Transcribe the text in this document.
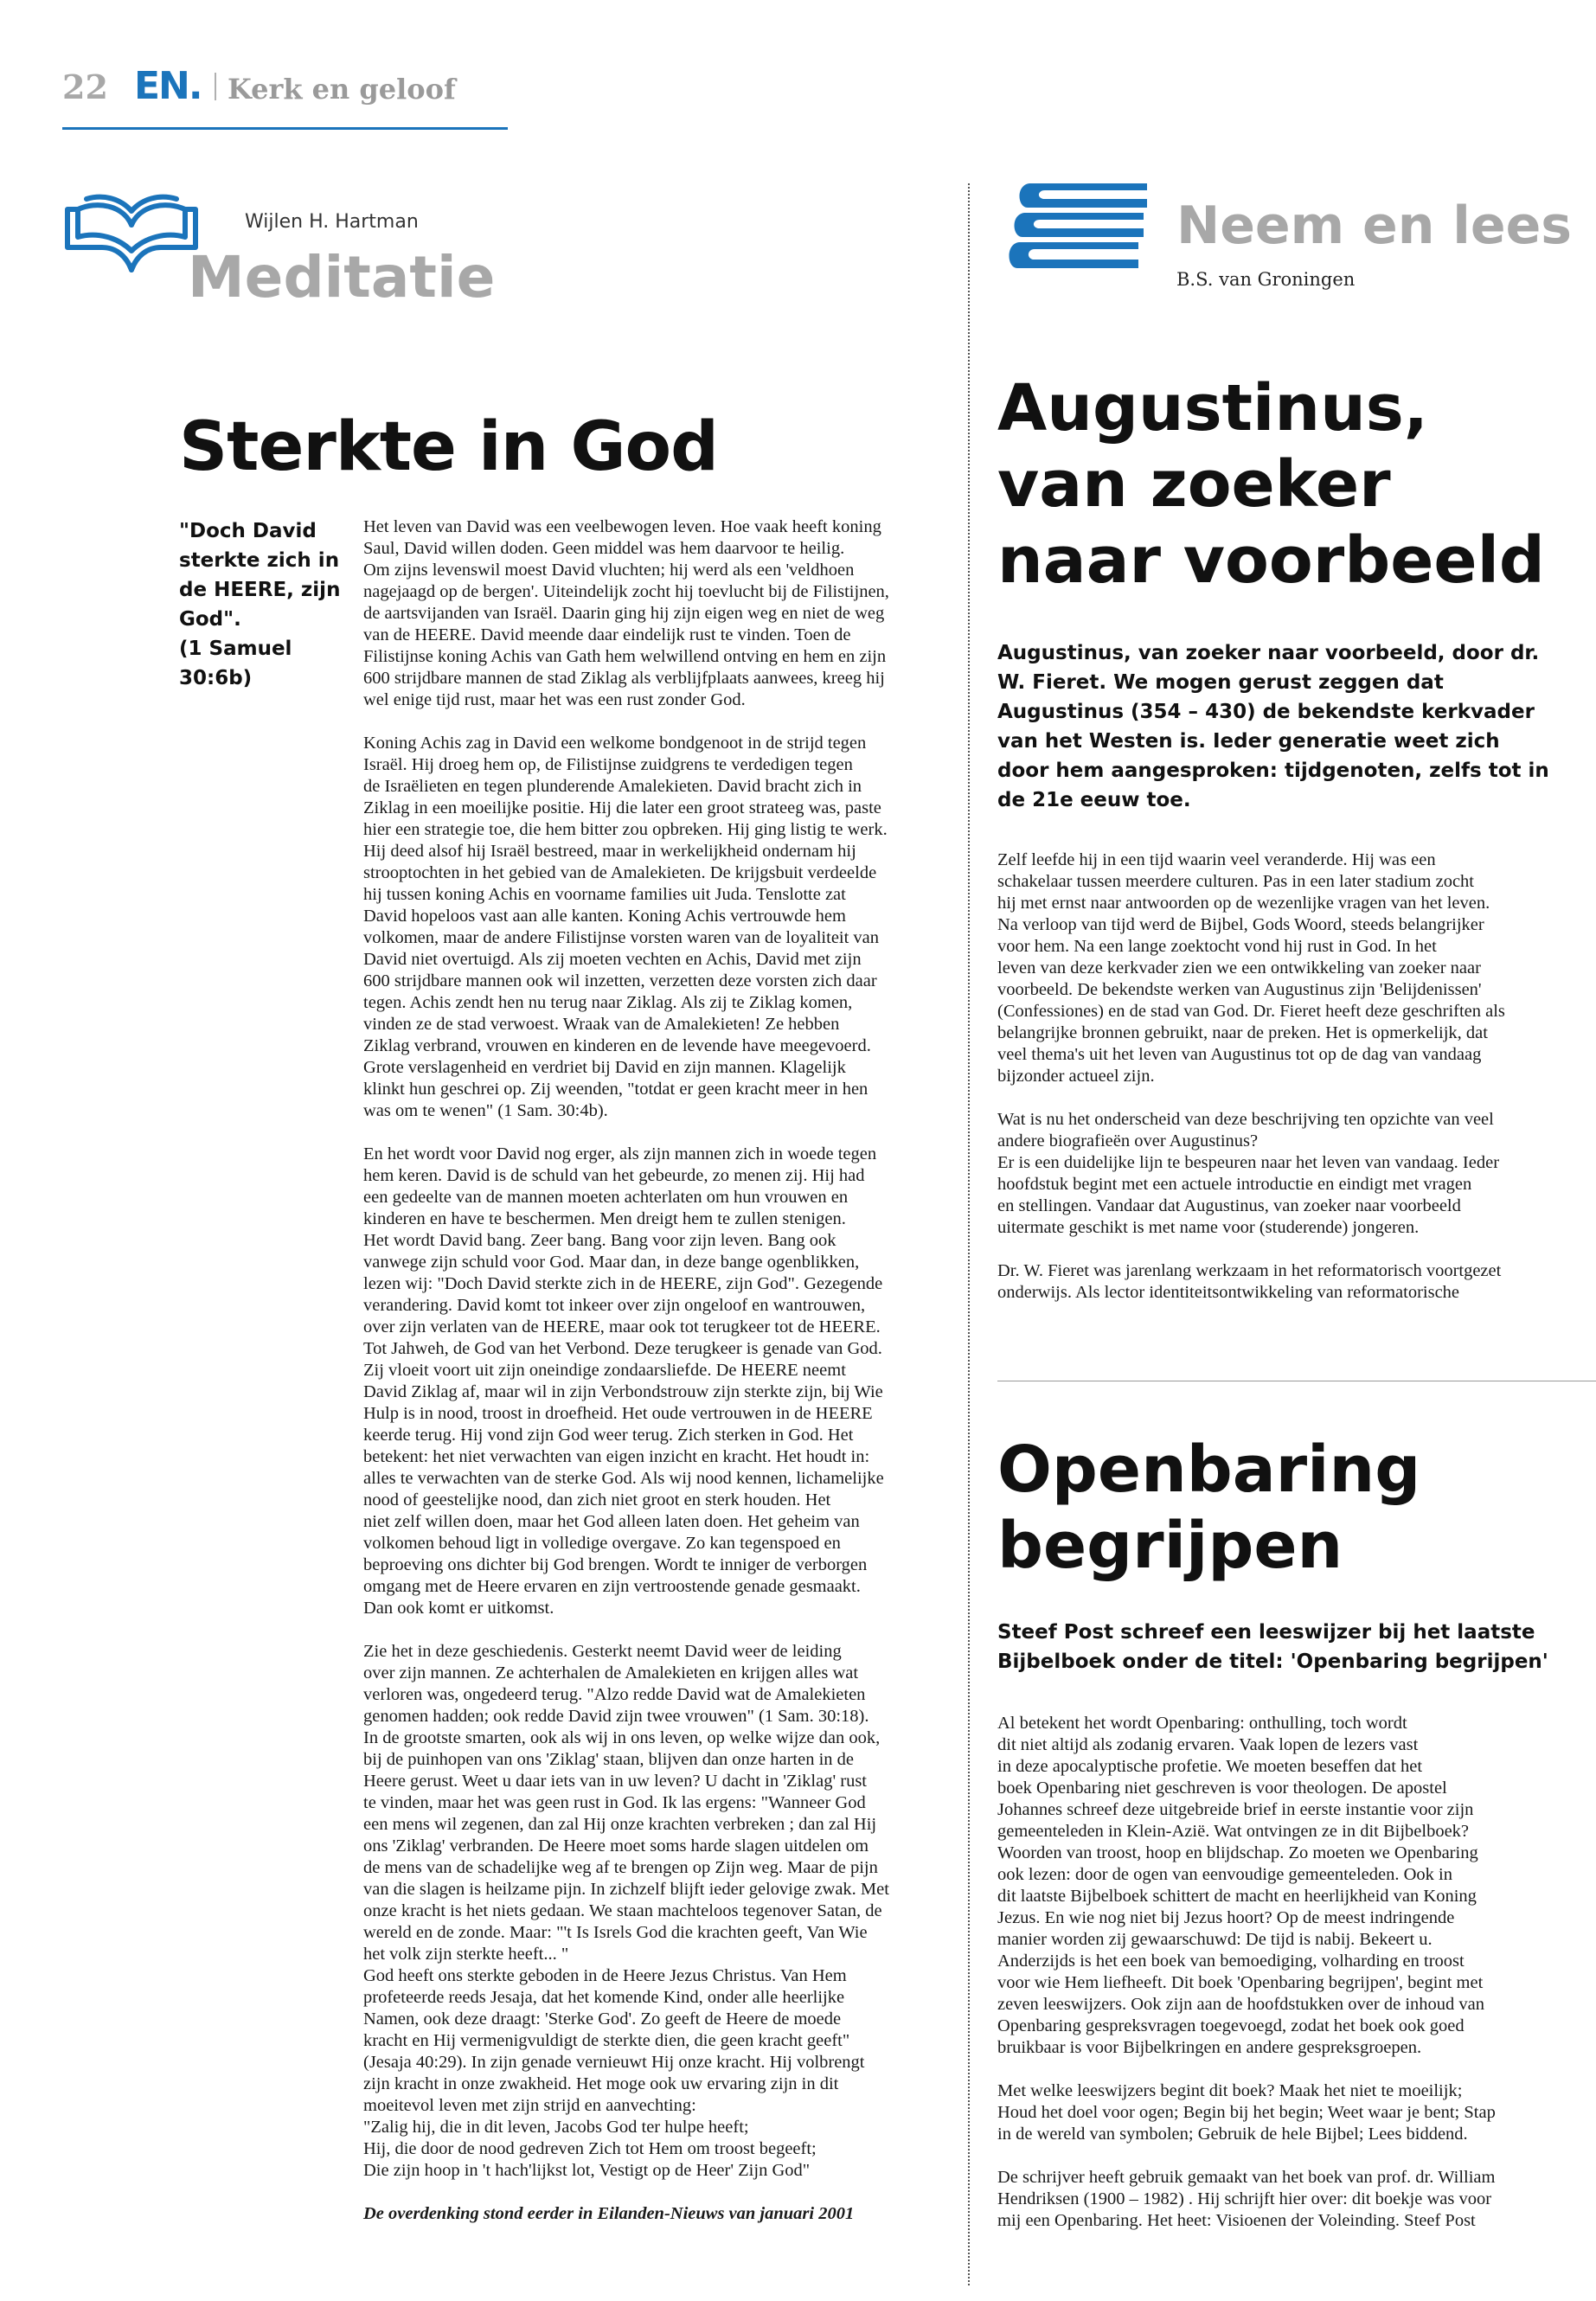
22 EN. Kerk en geloof
Wijlen H. Hartman
Meditatie
Sterkte in God
"Doch David
sterkte zich in
de HEERE, zijn
God".
(1 Samuel
30:6b)

Het leven van David was een veelbewogen leven. Hoe vaak heeft koning
Saul, David willen doden. Geen middel was hem daarvoor te heilig.
Om zijns levenswil moest David vluchten; hij werd als een 'veldhoen
nagejaagd op de bergen'. Uiteindelijk zocht hij toevlucht bij de Filistijnen,
de aartsvijanden van Israël. Daarin ging hij zijn eigen weg en niet de weg
van de HEERE. David meende daar eindelijk rust te vinden. Toen de
Filistijnse koning Achis van Gath hem welwillend ontving en hem en zijn
600 strijdbare mannen de stad Ziklag als verblijfplaats aanwees, kreeg hij
wel enige tijd rust, maar het was een rust zonder God.

Koning Achis zag in David een welkome bondgenoot in de strijd tegen
Israël. Hij droeg hem op, de Filistijnse zuidgrens te verdedigen tegen
de Israëlieten en tegen plunderende Amalekieten. David bracht zich in
Ziklag in een moeilijke positie. Hij die later een groot strateeg was, paste
hier een strategie toe, die hem bitter zou opbreken. Hij ging listig te werk.
Hij deed alsof hij Israël bestreed, maar in werkelijkheid ondernam hij
strooptochten in het gebied van de Amalekieten. De krijgsbuit verdeelde
hij tussen koning Achis en voorname families uit Juda. Tenslotte zat
David hopeloos vast aan alle kanten. Koning Achis vertrouwde hem
volkomen, maar de andere Filistijnse vorsten waren van de loyaliteit van
David niet overtuigd. Als zij moeten vechten en Achis, David met zijn
600 strijdbare mannen ook wil inzetten, verzetten deze vorsten zich daar
tegen. Achis zendt hen nu terug naar Ziklag. Als zij te Ziklag komen,
vinden ze de stad verwoest. Wraak van de Amalekieten! Ze hebben
Ziklag verbrand, vrouwen en kinderen en de levende have meegevoerd.
Grote verslagenheid en verdriet bij David en zijn mannen. Klagelijk
klinkt hun geschrei op. Zij weenden, "totdat er geen kracht meer in hen
was om te wenen" (1 Sam. 30:4b).

En het wordt voor David nog erger, als zijn mannen zich in woede tegen
hem keren. David is de schuld van het gebeurde, zo menen zij. Hij had
een gedeelte van de mannen moeten achterlaten om hun vrouwen en
kinderen en have te beschermen. Men dreigt hem te zullen stenigen.
Het wordt David bang. Zeer bang. Bang voor zijn leven. Bang ook
vanwege zijn schuld voor God. Maar dan, in deze bange ogenblikken,
lezen wij: "Doch David sterkte zich in de HEERE, zijn God". Gezegende
verandering. David komt tot inkeer over zijn ongeloof en wantrouwen,
over zijn verlaten van de HEERE, maar ook tot terugkeer tot de HEERE.
Tot Jahweh, de God van het Verbond. Deze terugkeer is genade van God.
Zij vloeit voort uit zijn oneindige zondaarsliefde. De HEERE neemt
David Ziklag af, maar wil in zijn Verbondstrouw zijn sterkte zijn, bij Wie
Hulp is in nood, troost in droefheid. Het oude vertrouwen in de HEERE
keerde terug. Hij vond zijn God weer terug. Zich sterken in God. Het
betekent: het niet verwachten van eigen inzicht en kracht. Het houdt in:
alles te verwachten van de sterke God. Als wij nood kennen, lichamelijke
nood of geestelijke nood, dan zich niet groot en sterk houden. Het
niet zelf willen doen, maar het God alleen laten doen. Het geheim van
volkomen behoud ligt in volledige overgave. Zo kan tegenspoed en
beproeving ons dichter bij God brengen. Wordt te inniger de verborgen
omgang met de Heere ervaren en zijn vertroostende genade gesmaakt.
Dan ook komt er uitkomst.

Zie het in deze geschiedenis. Gesterkt neemt David weer de leiding
over zijn mannen. Ze achterhalen de Amalekieten en krijgen alles wat
verloren was, ongedeerd terug. "Alzo redde David wat de Amalekieten
genomen hadden; ook redde David zijn twee vrouwen" (1 Sam. 30:18).
In de grootste smarten, ook als wij in ons leven, op welke wijze dan ook,
bij de puinhopen van ons 'Ziklag' staan, blijven dan onze harten in de
Heere gerust. Weet u daar iets van in uw leven? U dacht in 'Ziklag' rust
te vinden, maar het was geen rust in God. Ik las ergens: "Wanneer God
een mens wil zegenen, dan zal Hij onze krachten verbreken ; dan zal Hij
ons 'Ziklag' verbranden. De Heere moet soms harde slagen uitdelen om
de mens van de schadelijke weg af te brengen op Zijn weg. Maar de pijn
van die slagen is heilzame pijn. In zichzelf blijft ieder gelovige zwak. Met
onze kracht is het niets gedaan. We staan machteloos tegenover Satan, de
wereld en de zonde. Maar: "'t Is Isrels God die krachten geeft, Van Wie
het volk zijn sterkte heeft... "
God heeft ons sterkte geboden in de Heere Jezus Christus. Van Hem
profeteerde reeds Jesaja, dat het komende Kind, onder alle heerlijke
Namen, ook deze draagt: 'Sterke God'. Zo geeft de Heere de moede
kracht en Hij vermenigvuldigt de sterkte dien, die geen kracht geeft"
(Jesaja 40:29). In zijn genade vernieuwt Hij onze kracht. Hij volbrengt
zijn kracht in onze zwakheid. Het moge ook uw ervaring zijn in dit
moeitevol leven met zijn strijd en aanvechting:
"Zalig hij, die in dit leven, Jacobs God ter hulpe heeft;
Hij, die door de nood gedreven Zich tot Hem om troost begeeft;
Die zijn hoop in 't hach'lijkst lot, Vestigt op de Heer' Zijn God"

De overdenking stond eerder in Eilanden-Nieuws van januari 2001

Neem en lees
B.S. van Groningen
Augustinus,
van zoeker
naar voorbeeld
Augustinus, van zoeker naar voorbeeld, door dr. W. Fieret. We mogen gerust zeggen dat Augustinus (354 – 430) de bekendste kerkvader van het Westen is. Ieder generatie weet zich door hem aangesproken: tijdgenoten, zelfs tot in de 21e eeuw toe.

Zelf leefde hij in een tijd waarin veel veranderde. Hij was een
schakelaar tussen meerdere culturen. Pas in een later stadium zocht
hij met ernst naar antwoorden op de wezenlijke vragen van het leven.
Na verloop van tijd werd de Bijbel, Gods Woord, steeds belangrijker
voor hem. Na een lange zoektocht vond hij rust in God. In het
leven van deze kerkvader zien we een ontwikkeling van zoeker naar
voorbeeld. De bekendste werken van Augustinus zijn 'Belijdenissen'
(Confessiones) en de stad van God. Dr. Fieret heeft deze geschriften als
belangrijke bronnen gebruikt, naar de preken. Het is opmerkelijk, dat
veel thema's uit het leven van Augustinus tot op de dag van vandaag
bijzonder actueel zijn.

Wat is nu het onderscheid van deze beschrijving ten opzichte van veel
andere biografieën over Augustinus?
Er is een duidelijke lijn te bespeuren naar het leven van vandaag. Ieder
hoofdstuk begint met een actuele introductie en eindigt met vragen
en stellingen. Vandaar dat Augustinus, van zoeker naar voorbeeld
uitermate geschikt is met name voor (studerende) jongeren.

Dr. W. Fieret was jarenlang werkzaam in het reformatorisch voortgezet
onderwijs. Als lector identiteitsontwikkeling van reformatorische

Openbaring
begrijpen
Steef Post schreef een leeswijzer bij het laatste Bijbelboek onder de titel: 'Openbaring begrijpen'

Al betekent het wordt Openbaring: onthulling, toch wordt
dit niet altijd als zodanig ervaren. Vaak lopen de lezers vast
in deze apocalyptische profetie. We moeten beseffen dat het
boek Openbaring niet geschreven is voor theologen. De apostel
Johannes schreef deze uitgebreide brief in eerste instantie voor zijn
gemeenteleden in Klein-Azië. Wat ontvingen ze in dit Bijbelboek?
Woorden van troost, hoop en blijdschap. Zo moeten we Openbaring
ook lezen: door de ogen van eenvoudige gemeenteleden. Ook in
dit laatste Bijbelboek schittert de macht en heerlijkheid van Koning
Jezus. En wie nog niet bij Jezus hoort? Op de meest indringende
manier worden zij gewaarschuwd: De tijd is nabij. Bekeert u.
Anderzijds is het een boek van bemoediging, volharding en troost
voor wie Hem liefheeft. Dit boek 'Openbaring begrijpen', begint met
zeven leeswijzers. Ook zijn aan de hoofdstukken over de inhoud van
Openbaring gespreksvragen toegevoegd, zodat het boek ook goed
bruikbaar is voor Bijbelkringen en andere gespreksgroepen.

Met welke leeswijzers begint dit boek? Maak het niet te moeilijk;
Houd het doel voor ogen; Begin bij het begin; Weet waar je bent; Stap
in de wereld van symbolen; Gebruik de hele Bijbel; Lees biddend.

De schrijver heeft gebruik gemaakt van het boek van prof. dr. William
Hendriksen (1900 – 1982) . Hij schrijft hier over: dit boekje was voor
mij een Openbaring. Het heet: Visioenen der Voleinding. Steef Post
